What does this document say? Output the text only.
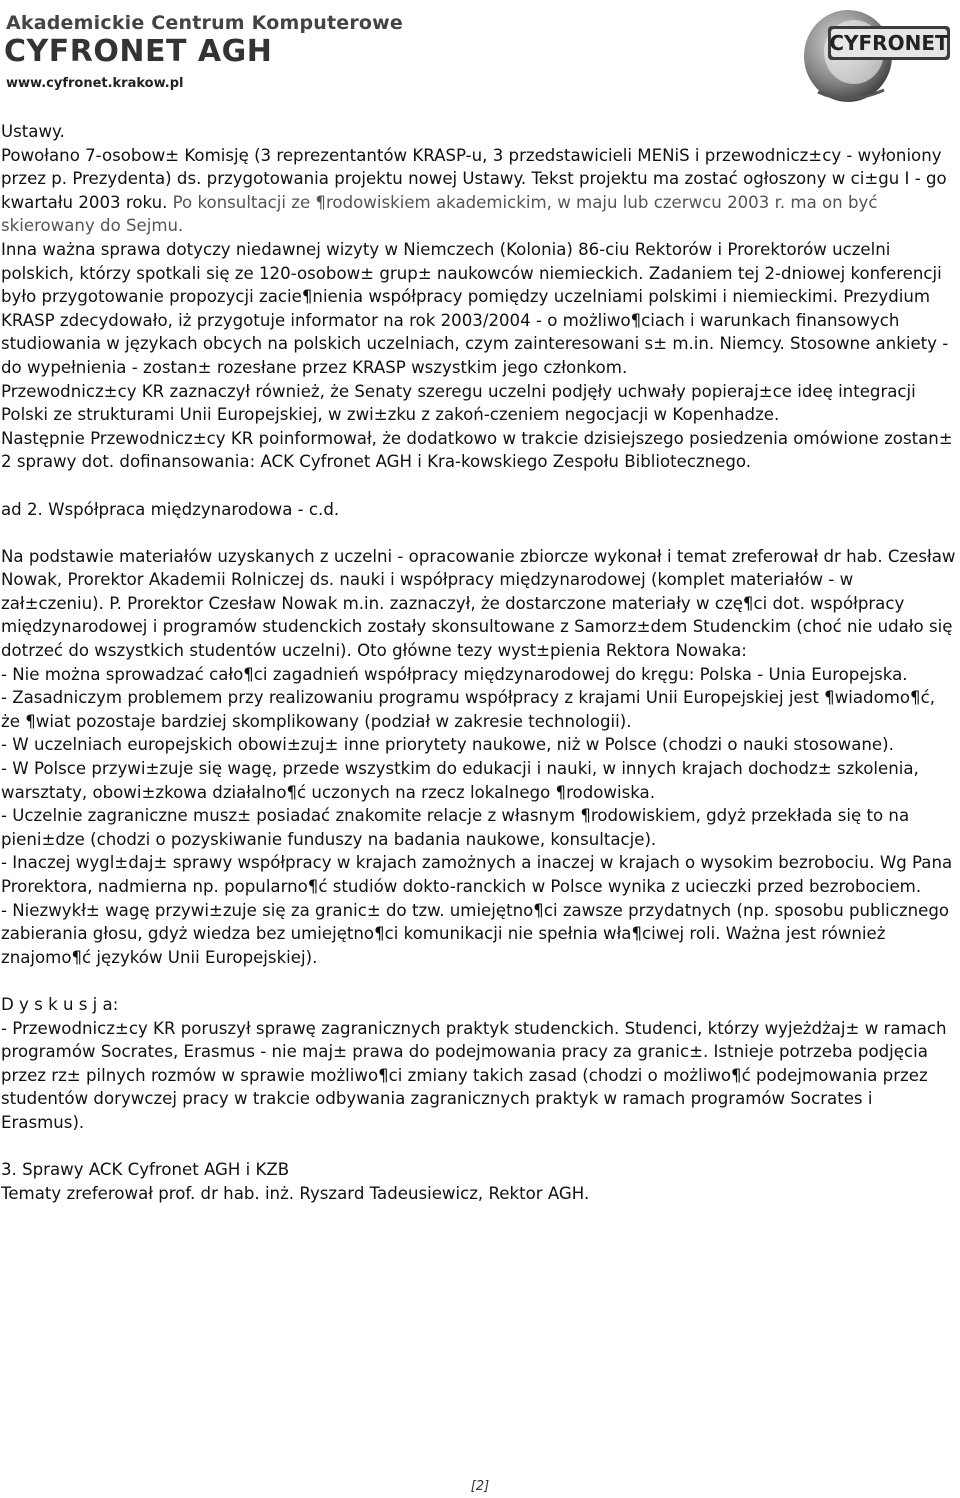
Akademickie Centrum Komputerowe
CYFRONET AGH
www.cyfronet.krakow.pl
CYFRONET

Ustawy.

Powołano 7-osobow± Komisję (3 reprezentantów KRASP-u, 3 przedstawicieli MENiS i przewodnicz±cy - wyłoniony przez p. Prezydenta) ds. przygotowania projektu nowej Ustawy. Tekst projektu ma zostać ogłoszony w ci±gu I - go kwartału 2003 roku. Po konsultacji ze ¶rodowiskiem akademickim, w maju lub czerwcu 2003 r. ma on być skierowany do Sejmu.

Inna ważna sprawa dotyczy niedawnej wizyty w Niemczech (Kolonia) 86-ciu Rektorów i Prorektorów uczelni polskich, którzy spotkali się ze 120-osobow± grup± naukowców niemieckich. Zadaniem tej 2-dniowej konferencji było przygotowanie propozycji zacie¶nienia współpracy pomiędzy uczelniami polskimi i niemieckimi. Prezydium KRASP zdecydowało, iż przygotuje informator na rok 2003/2004 - o możliwo¶ciach i warunkach finansowych studiowania w językach obcych na polskich uczelniach, czym zainteresowani s± m.in. Niemcy. Stosowne ankiety - do wypełnienia - zostan± rozesłane przez KRASP wszystkim jego członkom.

Przewodnicz±cy KR zaznaczył również, że Senaty szeregu uczelni podjęły uchwały popieraj±ce ideę integracji Polski ze strukturami Unii Europejskiej, w zwi±zku z zakoń-czeniem negocjacji w Kopenhadze.

Następnie Przewodnicz±cy KR poinformował, że dodatkowo w trakcie dzisiejszego posiedzenia omówione zostan± 2 sprawy dot. dofinansowania: ACK Cyfronet AGH i Kra-kowskiego Zespołu Bibliotecznego.

ad 2. Współpraca międzynarodowa - c.d.

Na podstawie materiałów uzyskanych z uczelni - opracowanie zbiorcze wykonał i temat zreferował dr hab. Czesław Nowak, Prorektor Akademii Rolniczej ds. nauki i współpracy międzynarodowej (komplet materiałów - w zał±czeniu). P. Prorektor Czesław Nowak m.in. zaznaczył, że dostarczone materiały w czę¶ci dot. współpracy międzynarodowej i programów studenckich zostały skonsultowane z Samorz±dem Studenckim (choć nie udało się dotrzeć do wszystkich studentów uczelni). Oto główne tezy wyst±pienia Rektora Nowaka:

- Nie można sprowadzać cało¶ci zagadnień współpracy międzynarodowej do kręgu: Polska - Unia Europejska.

- Zasadniczym problemem przy realizowaniu programu współpracy z krajami Unii Europejskiej jest ¶wiadomo¶ć, że ¶wiat pozostaje bardziej skomplikowany (podział w zakresie technologii).

- W uczelniach europejskich obowi±zuj± inne priorytety naukowe, niż w Polsce (chodzi o nauki stosowane).

- W Polsce przywi±zuje się wagę, przede wszystkim do edukacji i nauki, w innych krajach dochodz± szkolenia, warsztaty, obowi±zkowa działalno¶ć uczonych na rzecz lokalnego ¶rodowiska.

- Uczelnie zagraniczne musz± posiadać znakomite relacje z własnym ¶rodowiskiem, gdyż przekłada się to na pieni±dze (chodzi o pozyskiwanie funduszy na badania naukowe, konsultacje).

- Inaczej wygl±daj± sprawy współpracy w krajach zamożnych a inaczej w krajach o wysokim bezrobociu. Wg Pana Prorektora, nadmierna np. popularno¶ć studiów dokto-ranckich w Polsce wynika z ucieczki przed bezrobociem.

- Niezwykł± wagę przywi±zuje się za granic± do tzw. umiejętno¶ci zawsze przydatnych (np. sposobu publicznego zabierania głosu, gdyż wiedza bez umiejętno¶ci komunikacji nie spełnia wła¶ciwej roli. Ważna jest również znajomo¶ć języków Unii Europejskiej).

D y s k u s j a:

- Przewodnicz±cy KR poruszył sprawę zagranicznych praktyk studenckich. Studenci, którzy wyjeżdżaj± w ramach programów Socrates, Erasmus - nie maj± prawa do podejmowania pracy za granic±. Istnieje potrzeba podjęcia przez rz± pilnych rozmów w sprawie możliwo¶ci zmiany takich zasad (chodzi o możliwo¶ć podejmowania przez studentów dorywczej pracy w trakcie odbywania zagranicznych praktyk w ramach programów Socrates i Erasmus).

3. Sprawy ACK Cyfronet AGH i KZB

Tematy zreferował prof. dr hab. inż. Ryszard Tadeusiewicz, Rektor AGH.

[2]
